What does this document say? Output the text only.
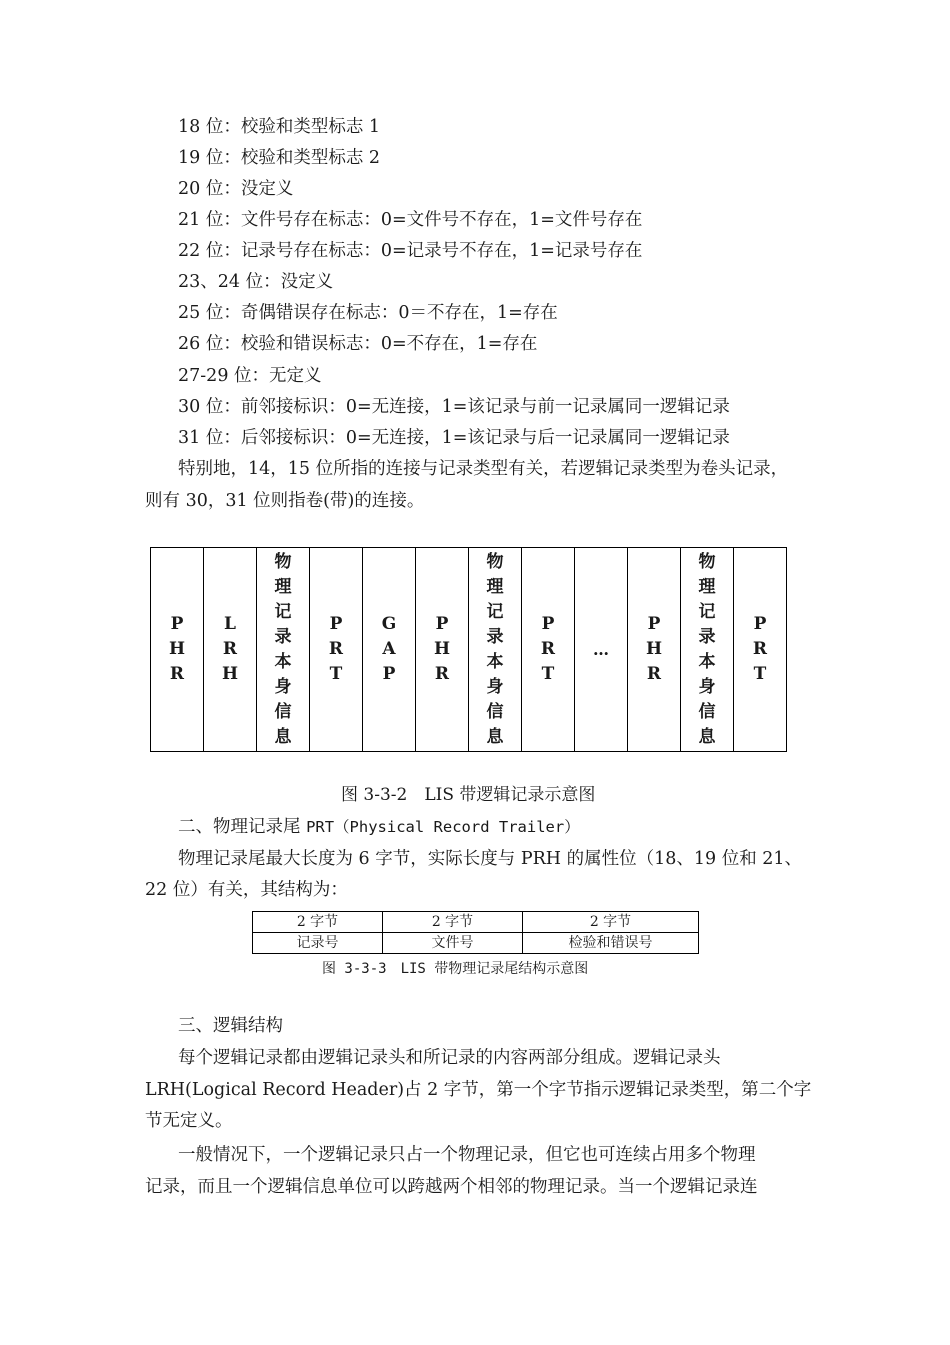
18 位：校验和类型标志 1
19 位：校验和类型标志 2
20 位：没定义
21 位：文件号存在标志：0=文件号不存在，1=文件号存在
22 位：记录号存在标志：0=记录号不存在，1=记录号存在
23、24 位：没定义
25 位：奇偶错误存在标志：0＝不存在，1=存在
26 位：校验和错误标志：0=不存在，1=存在
27-29 位：无定义
30 位：前邻接标识：0=无连接，1=该记录与前一记录属同一逻辑记录
31 位：后邻接标识：0=无连接，1=该记录与后一记录属同一逻辑记录
特别地，14，15 位所指的连接与记录类型有关，若逻辑记录类型为卷头记录，
则有 30，31 位则指卷(带)的连接。
PHR	LRH	物理记录本身信息	PRT	GAP	PHR	物理记录本身信息	PRT	…	PHR	物理记录本身信息	PRT
图 3-3-2　LIS 带逻辑记录示意图
二、物理记录尾 PRT（Physical Record Trailer）
物理记录尾最大长度为 6 字节，实际长度与 PRH 的属性位（18、19 位和 21、
22 位）有关，其结构为：
2 字节	2 字节	2 字节
记录号	文件号	检验和错误号
图 3-3-3　LIS 带物理记录尾结构示意图
三、逻辑结构
每个逻辑记录都由逻辑记录头和所记录的内容两部分组成。逻辑记录头
LRH(Logical Record Header)占 2 字节，第一个字节指示逻辑记录类型，第二个字
节无定义。
一般情况下，一个逻辑记录只占一个物理记录，但它也可连续占用多个物理
记录，而且一个逻辑信息单位可以跨越两个相邻的物理记录。当一个逻辑记录连
